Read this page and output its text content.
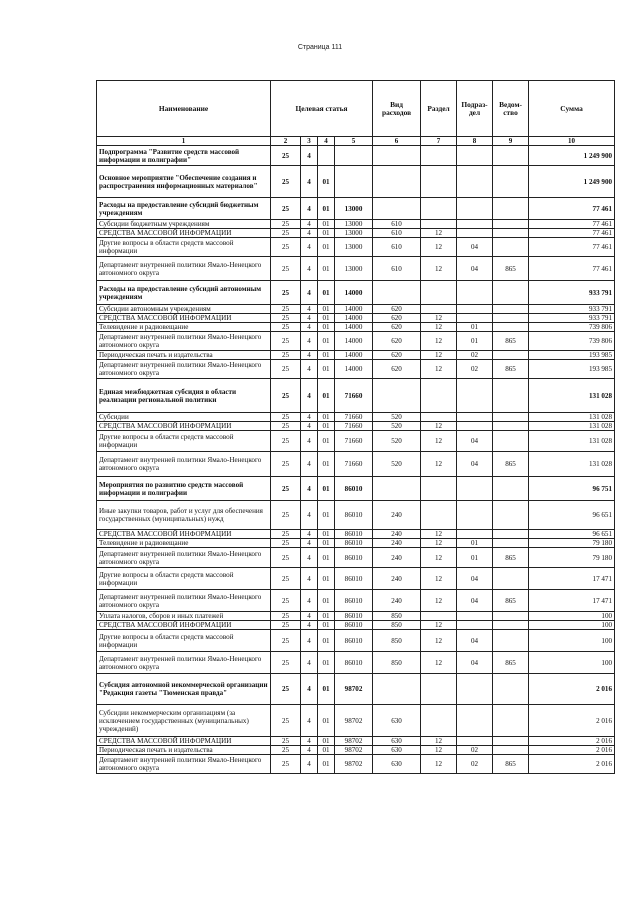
Страница 111
Наименование	Целевая статья				Вид расходов	Раздел	Подраз-дел	Ведом-ство	Сумма
1	2	3	4	5	6	7	8	9	10
Подпрограмма "Развитие средств массовой информации и полиграфии"	25	4							1 249 900
Основное мероприятие "Обеспечение создания и распространения информационных материалов"	25	4	01						1 249 900
Расходы на предоставление субсидий бюджетным учреждениям	25	4	01	13000					77 461
Субсидии бюджетным учреждениям	25	4	01	13000	610				77 461
СРЕДСТВА МАССОВОЙ ИНФОРМАЦИИ	25	4	01	13000	610	12			77 461
Другие вопросы в области средств массовой информации	25	4	01	13000	610	12	04		77 461
Департамент внутренней политики Ямало-Ненецкого автономного округа	25	4	01	13000	610	12	04	865	77 461
Расходы на предоставление субсидий автономным учреждениям	25	4	01	14000					933 791
Субсидии автономным учреждениям	25	4	01	14000	620				933 791
СРЕДСТВА МАССОВОЙ ИНФОРМАЦИИ	25	4	01	14000	620	12			933 791
Телевидение и радиовещание	25	4	01	14000	620	12	01		739 806
Департамент внутренней политики Ямало-Ненецкого автономного округа	25	4	01	14000	620	12	01	865	739 806
Периодическая печать и издательства	25	4	01	14000	620	12	02		193 985
Департамент внутренней политики Ямало-Ненецкого автономного округа	25	4	01	14000	620	12	02	865	193 985
Единая межбюджетная субсидия в области реализации региональной политики	25	4	01	71660					131 028
Субсидии	25	4	01	71660	520				131 028
СРЕДСТВА МАССОВОЙ ИНФОРМАЦИИ	25	4	01	71660	520	12			131 028
Другие вопросы в области средств массовой информации	25	4	01	71660	520	12	04		131 028
Департамент внутренней политики Ямало-Ненецкого автономного округа	25	4	01	71660	520	12	04	865	131 028
Мероприятия по развитию средств массовой информации и полиграфии	25	4	01	86010					96 751
Иные закупки товаров, работ и услуг для обеспечения государственных (муниципальных) нужд	25	4	01	86010	240				96 651
СРЕДСТВА МАССОВОЙ ИНФОРМАЦИИ	25	4	01	86010	240	12			96 651
Телевидение и радиовещание	25	4	01	86010	240	12	01		79 180
Департамент внутренней политики Ямало-Ненецкого автономного округа	25	4	01	86010	240	12	01	865	79 180
Другие вопросы в области средств массовой информации	25	4	01	86010	240	12	04		17 471
Департамент внутренней политики Ямало-Ненецкого автономного округа	25	4	01	86010	240	12	04	865	17 471
Уплата налогов, сборов и иных платежей	25	4	01	86010	850				100
СРЕДСТВА МАССОВОЙ ИНФОРМАЦИИ	25	4	01	86010	850	12			100
Другие вопросы в области средств массовой информации	25	4	01	86010	850	12	04		100
Департамент внутренней политики Ямало-Ненецкого автономного округа	25	4	01	86010	850	12	04	865	100
Субсидия автономной некоммерческой организации "Редакция газеты "Тюменская правда"	25	4	01	98702					2 016
Субсидии некоммерческим организациям (за исключением государственных (муниципальных) учреждений)	25	4	01	98702	630				2 016
СРЕДСТВА МАССОВОЙ ИНФОРМАЦИИ	25	4	01	98702	630	12			2 016
Периодическая печать и издательства	25	4	01	98702	630	12	02		2 016
Департамент внутренней политики Ямало-Ненецкого автономного округа	25	4	01	98702	630	12	02	865	2 016
